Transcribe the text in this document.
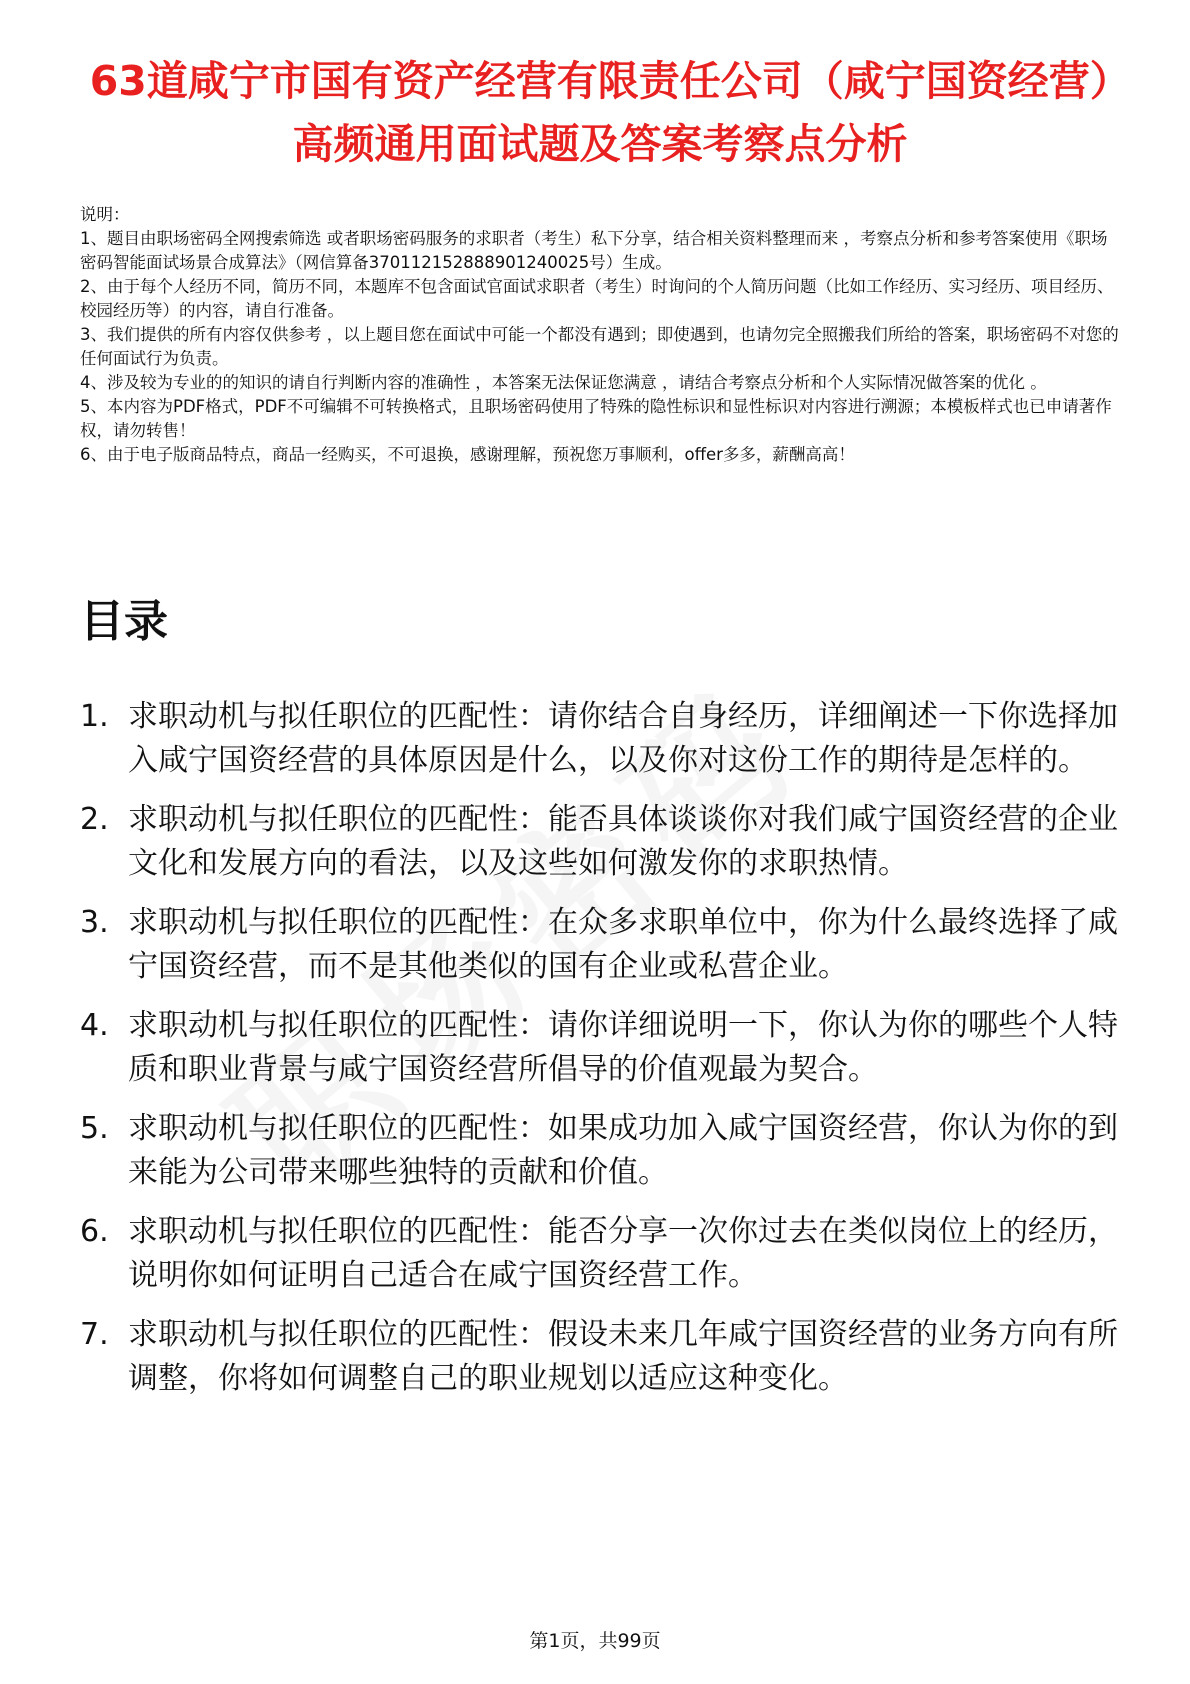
63道咸宁市国有资产经营有限责任公司（咸宁国资经营）高频通用面试题及答案考察点分析
说明：
1、题目由职场密码全网搜索筛选 或者职场密码服务的求职者（考生）私下分享，结合相关资料整理而来 ，考察点分析和参考答案使用《职场密码智能面试场景合成算法》（网信算备370112152888901240025号）生成。
2、由于每个人经历不同，简历不同，本题库不包含面试官面试求职者（考生）时询问的个人简历问题（比如工作经历、实习经历、项目经历、校园经历等）的内容，请自行准备。
3、我们提供的所有内容仅供参考 ，以上题目您在面试中可能一个都没有遇到；即使遇到，也请勿完全照搬我们所给的答案，职场密码不对您的任何面试行为负责。
4、涉及较为专业的的知识的请自行判断内容的准确性 ，本答案无法保证您满意 ，请结合考察点分析和个人实际情况做答案的优化 。
5、本内容为PDF格式，PDF不可编辑不可转换格式，且职场密码使用了特殊的隐性标识和显性标识对内容进行溯源；本模板样式也已申请著作权，请勿转售！
6、由于电子版商品特点，商品一经购买，不可退换，感谢理解，预祝您万事顺利，offer多多，薪酬高高！
目录
1. 求职动机与拟任职位的匹配性：请你结合自身经历，详细阐述一下你选择加入咸宁国资经营的具体原因是什么，以及你对这份工作的期待是怎样的。
2. 求职动机与拟任职位的匹配性：能否具体谈谈你对我们咸宁国资经营的企业文化和发展方向的看法，以及这些如何激发你的求职热情。
3. 求职动机与拟任职位的匹配性：在众多求职单位中，你为什么最终选择了咸宁国资经营，而不是其他类似的国有企业或私营企业。
4. 求职动机与拟任职位的匹配性：请你详细说明一下，你认为你的哪些个人特质和职业背景与咸宁国资经营所倡导的价值观最为契合。
5. 求职动机与拟任职位的匹配性：如果成功加入咸宁国资经营，你认为你的到来能为公司带来哪些独特的贡献和价值。
6. 求职动机与拟任职位的匹配性：能否分享一次你过去在类似岗位上的经历，说明你如何证明自己适合在咸宁国资经营工作。
7. 求职动机与拟任职位的匹配性：假设未来几年咸宁国资经营的业务方向有所调整，你将如何调整自己的职业规划以适应这种变化。
第1页，共99页
